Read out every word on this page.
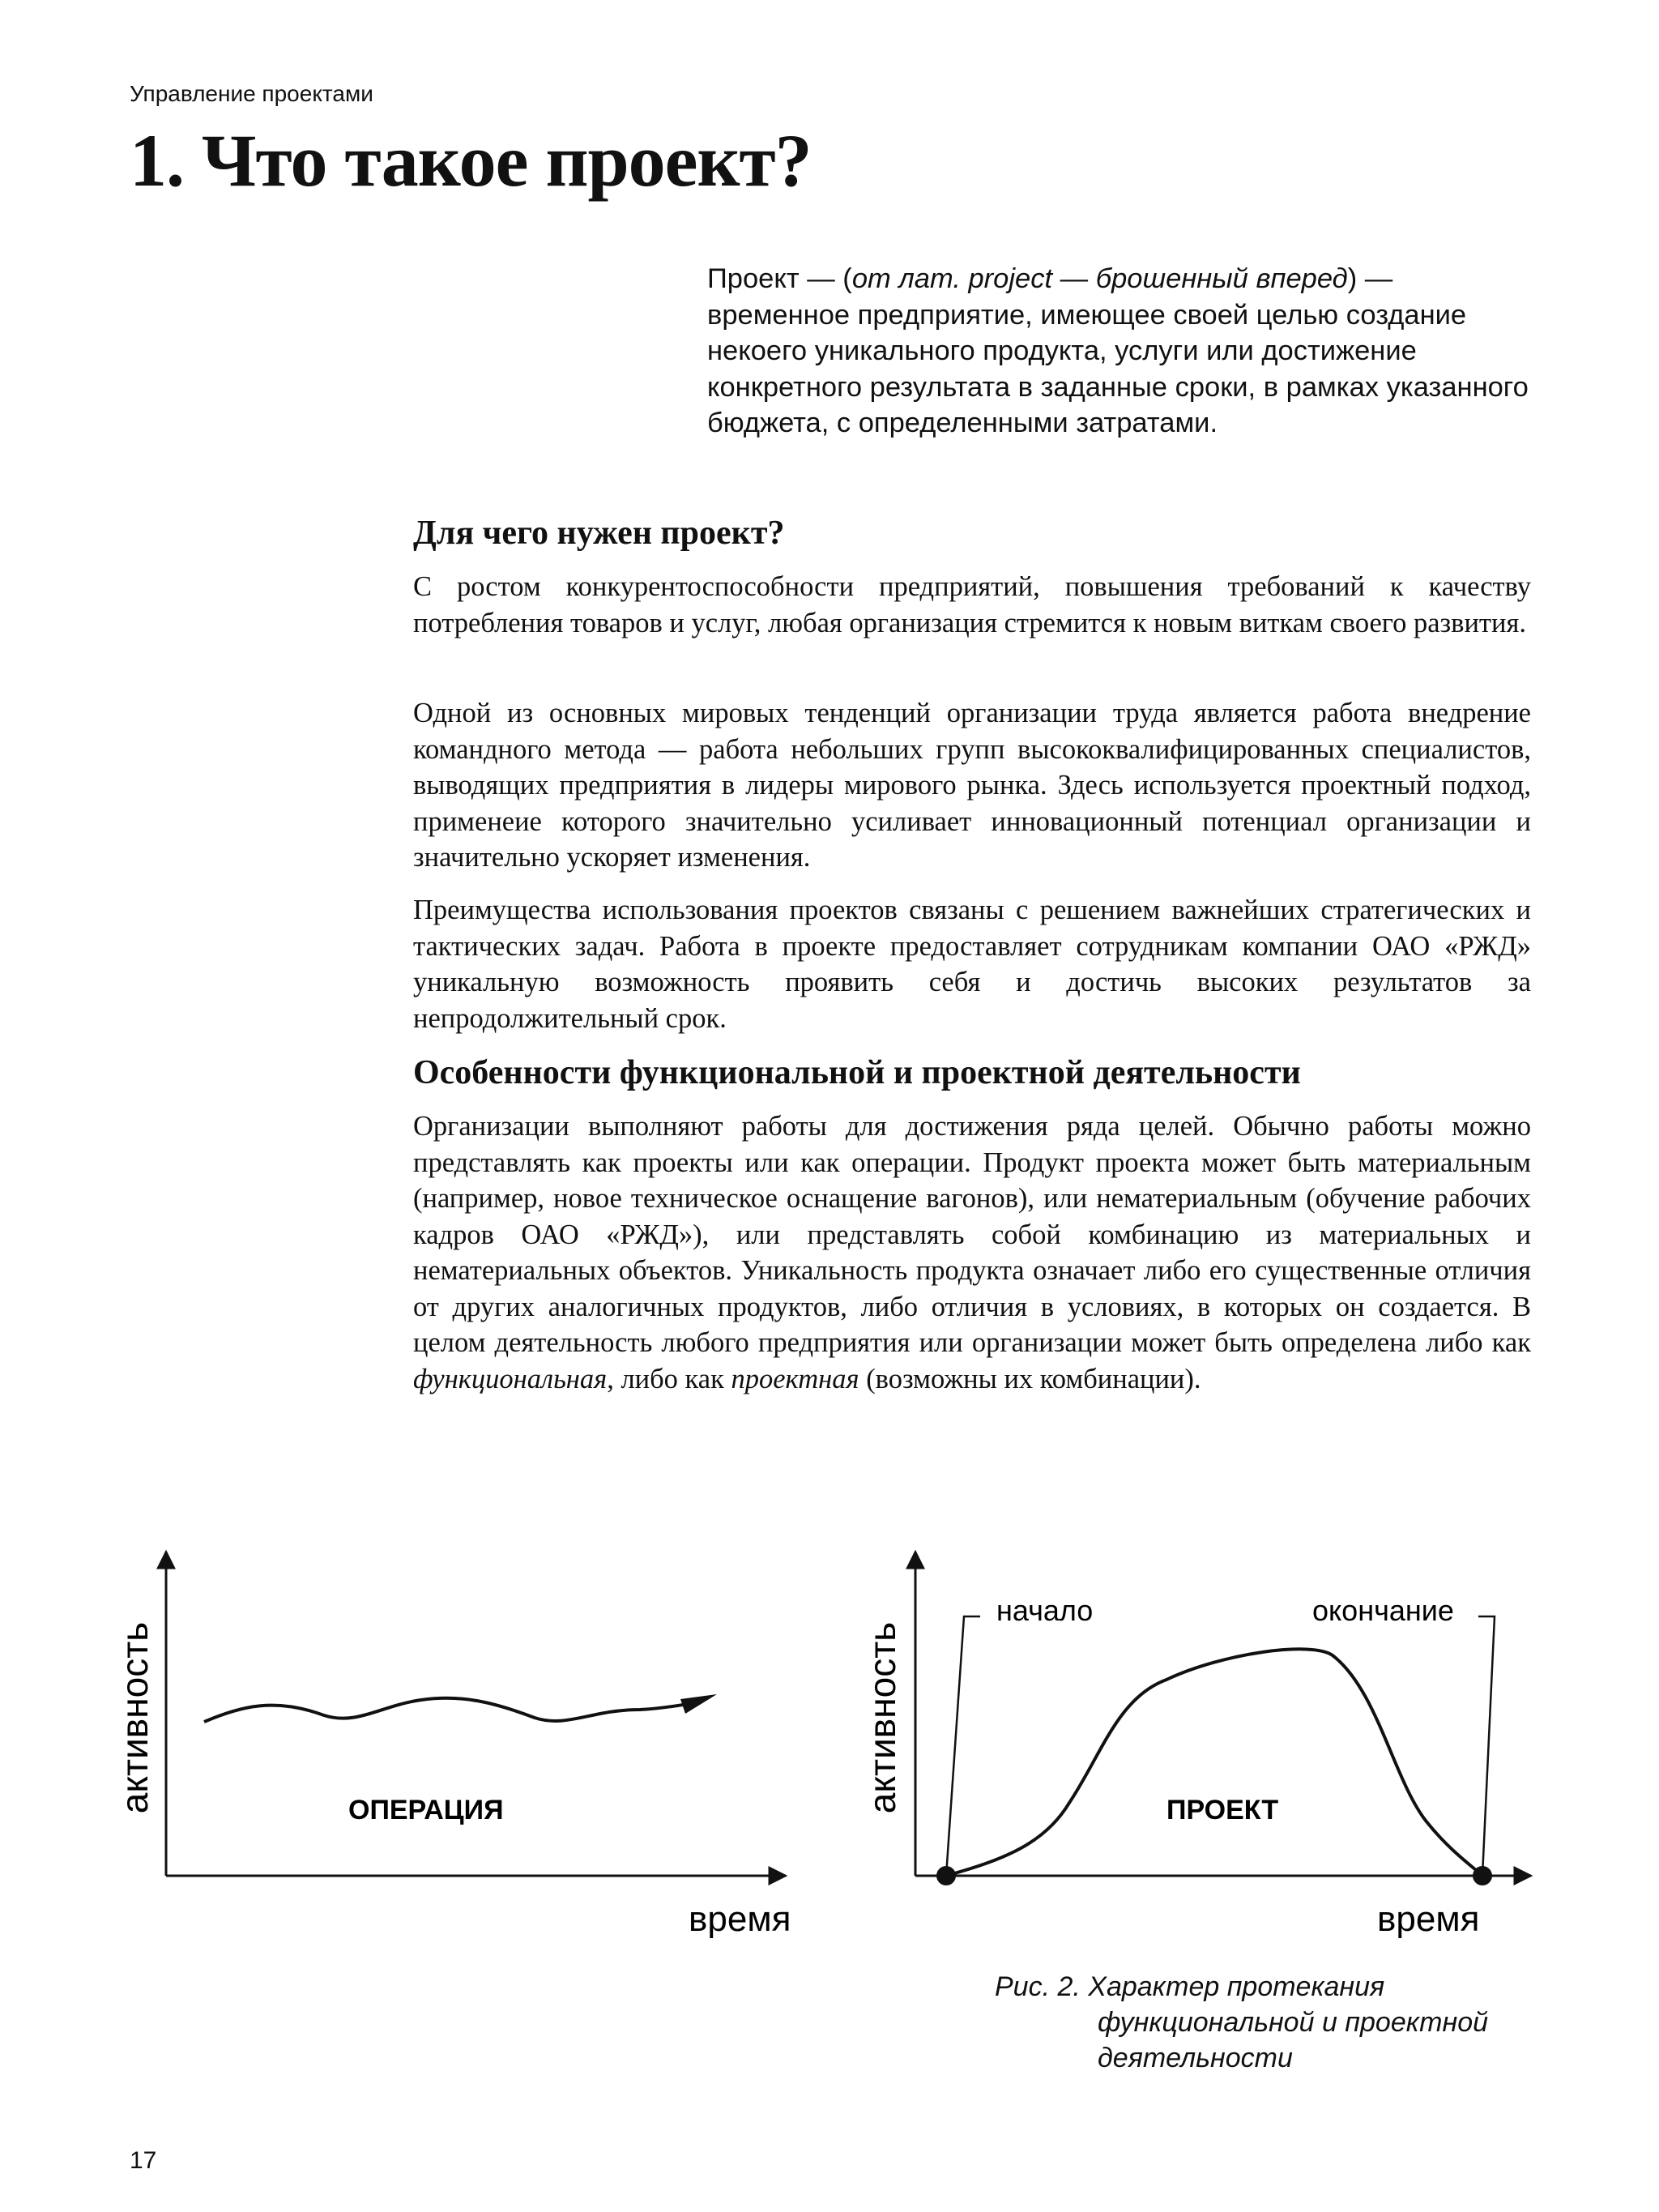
Управление проектами
1. Что такое проект?

Проект — (от лат. project — брошенный вперед) — временное предприятие, имеющее своей целью создание некоего уникального продукта, услуги или достижение конкретного результата в заданные сроки, в рамках указанного бюджета, с определенными затратами.

Для чего нужен проект?

С ростом конкурентоспособности предприятий, повышения требований к качеству потребления товаров и услуг, любая организация стремится к новым виткам своего развития.

Одной из основных мировых тенденций организации труда является работа внедрение командного метода — работа небольших групп высококвалифицированных специалистов, выводящих предприятия в лидеры мирового рынка. Здесь используется проектный подход, применеие которого значительно усиливает инновационный потенциал организации и значительно ускоряет изменения.

Преимущества использования проектов связаны с решением важнейших стратегических и тактических задач. Работа в проекте предоставляет сотрудникам компании ОАО «РЖД» уникальную возможность проявить себя и достичь высоких результатов за непродолжительный срок.

Особенности функциональной и проектной деятельности

Организации выполняют работы для достижения ряда целей. Обычно работы можно представлять как проекты или как операции. Продукт проекта может быть материальным (например, новое техническое оснащение вагонов), или нематериальным (обучение рабочих кадров ОАО «РЖД»), или представлять собой комбинацию из материальных и нематериальных объектов. Уникальность продукта означает либо его существенные отличия от других аналогичных продуктов, либо отличия в условиях, в которых он создается. В целом деятельность любого предприятия или организации может быть определена либо как функциональная, либо как проектная (возможны их комбинации).

активность
время
ОПЕРАЦИЯ	активность
время
начало	окончание
ПРОЕКТ
Рис. 2. Характер протекания
функциональной и проектной
деятельности
17
